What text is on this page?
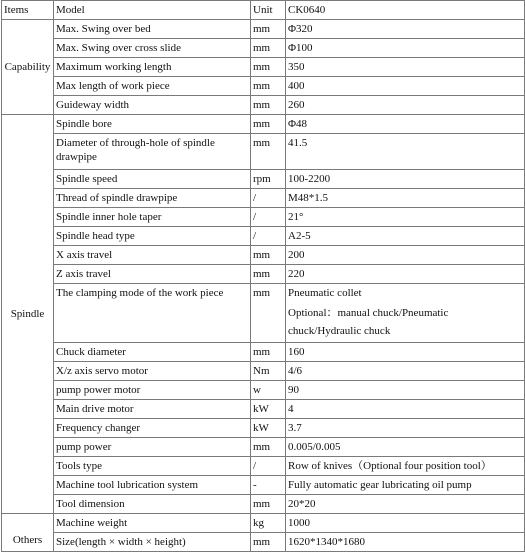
Items	Model	Unit	CK0640
Capability	Max. Swing over bed	mm	Φ320
	Max. Swing over cross slide	mm	Φ100
	Maximum working length	mm	350
	Max length of work piece	mm	400
	Guideway width	mm	260
Spindle	Spindle bore	mm	Φ48
	Diameter of through-hole of spindle drawpipe	mm	41.5
	Spindle speed	rpm	100-2200
	Thread of spindle drawpipe	/	M48*1.5
	Spindle inner hole taper	/	21°
	Spindle head type	/	A2-5
	X axis travel	mm	200
	Z axis travel	mm	220
	The clamping mode of the work piece	mm	Pneumatic collet
Optional：manual chuck/Pneumatic chuck/Hydraulic chuck

	Chuck diameter	mm	160
	X/z axis servo motor	Nm	4/6
	pump power motor	w	90
	Main drive motor	kW	4
	Frequency changer	kW	3.7
	pump power	mm	0.005/0.005
	Tools type	/	Row of knives（Optional four position tool）
	Machine tool lubrication system	-	Fully automatic gear lubricating oil pump
	Tool dimension	mm	20*20
Others	Machine weight	kg	1000
	Size(length × width × height)	mm	1620*1340*1680
